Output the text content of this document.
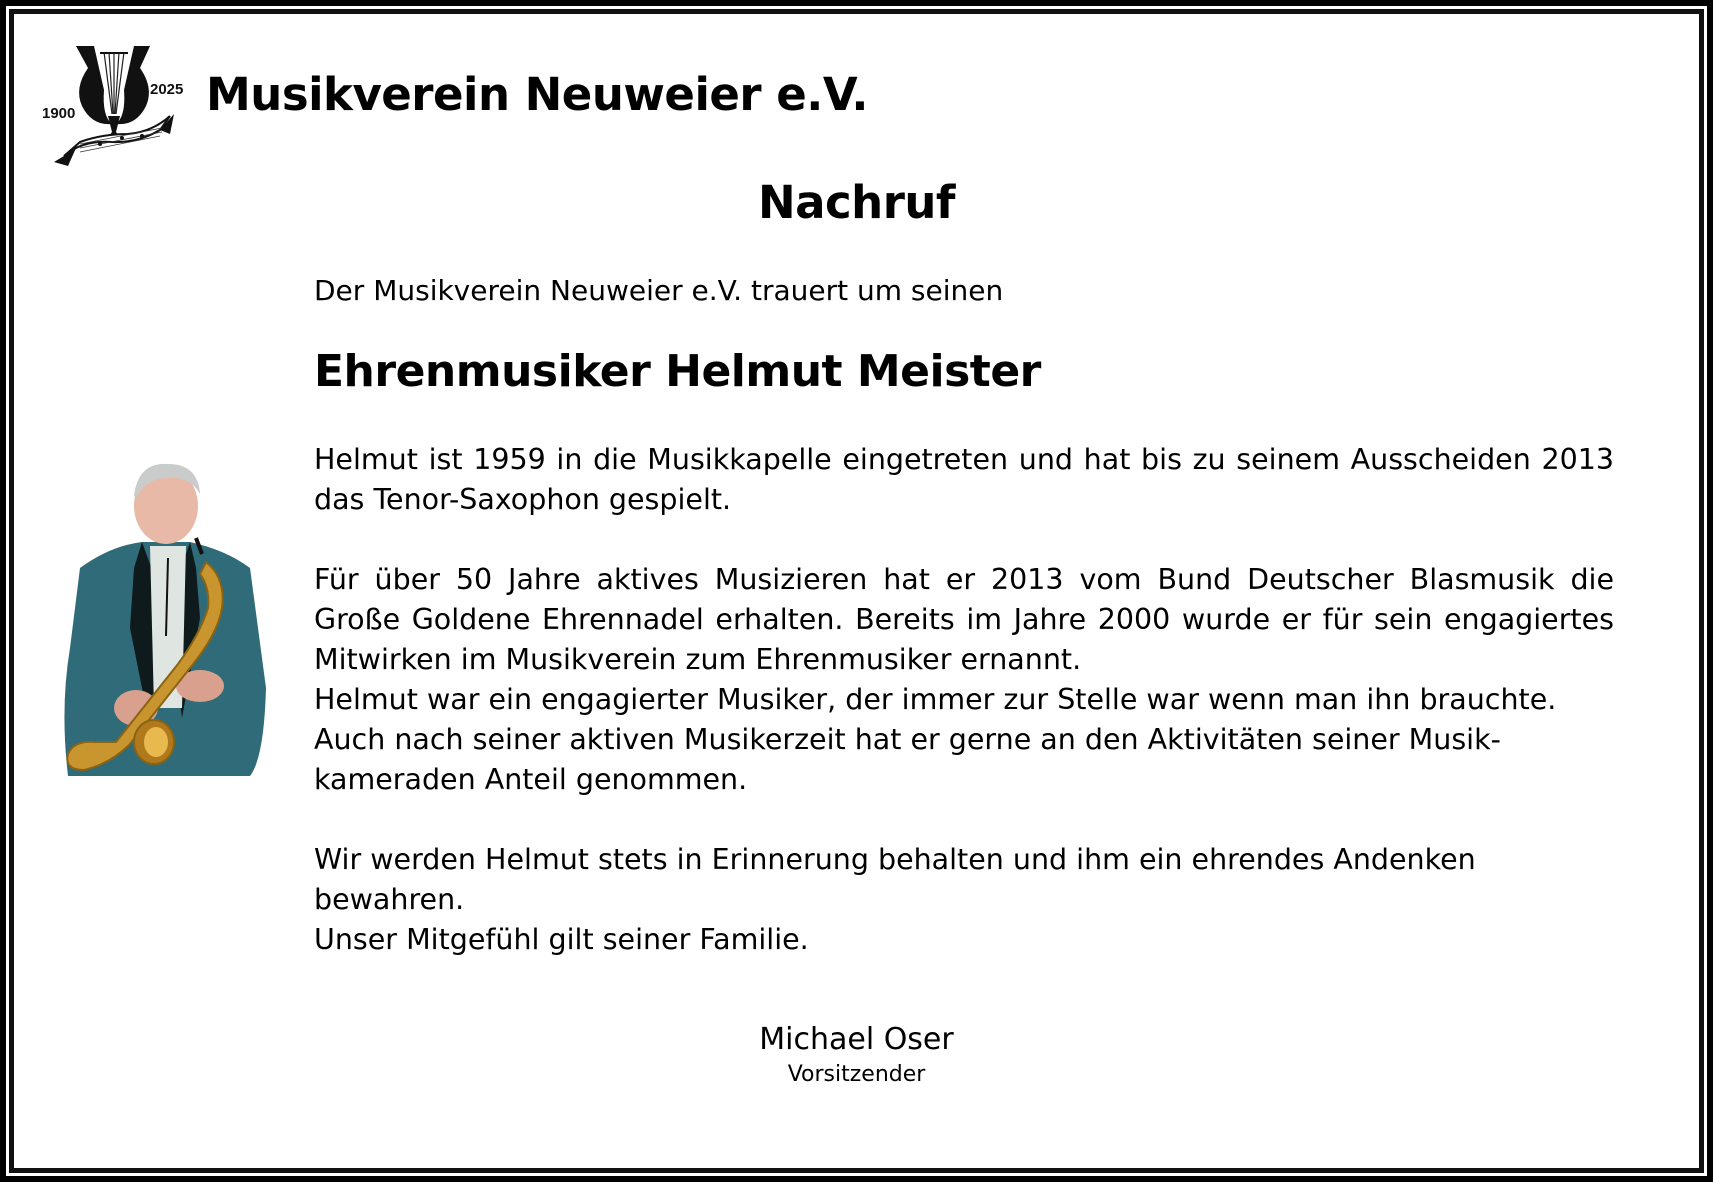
1900
2025 Musikverein Neuweier e.V.
Nachruf
Der Musikverein Neuweier e.V. trauert um seinen
Ehrenmusiker Helmut Meister

Helmut ist 1959 in die Musikkapelle eingetreten und hat bis zu seinem Ausscheiden 2013 das Tenor-Saxophon gespielt.

Für über 50 Jahre aktives Musizieren hat er 2013 vom Bund Deutscher Blasmusik die Große Goldene Ehrennadel erhalten. Bereits im Jahre 2000 wurde er für sein engagiertes Mitwirken im Musikverein zum Ehrenmusiker ernannt.

Helmut war ein engagierter Musiker, der immer zur Stelle war wenn man ihn brauchte.

Auch nach seiner aktiven Musikerzeit hat er gerne an den Aktivitäten seiner Musik-kameraden Anteil genommen.

Wir werden Helmut stets in Erinnerung behalten und ihm ein ehrendes Andenken bewahren.

Unser Mitgefühl gilt seiner Familie.

Michael Oser
Vorsitzender
